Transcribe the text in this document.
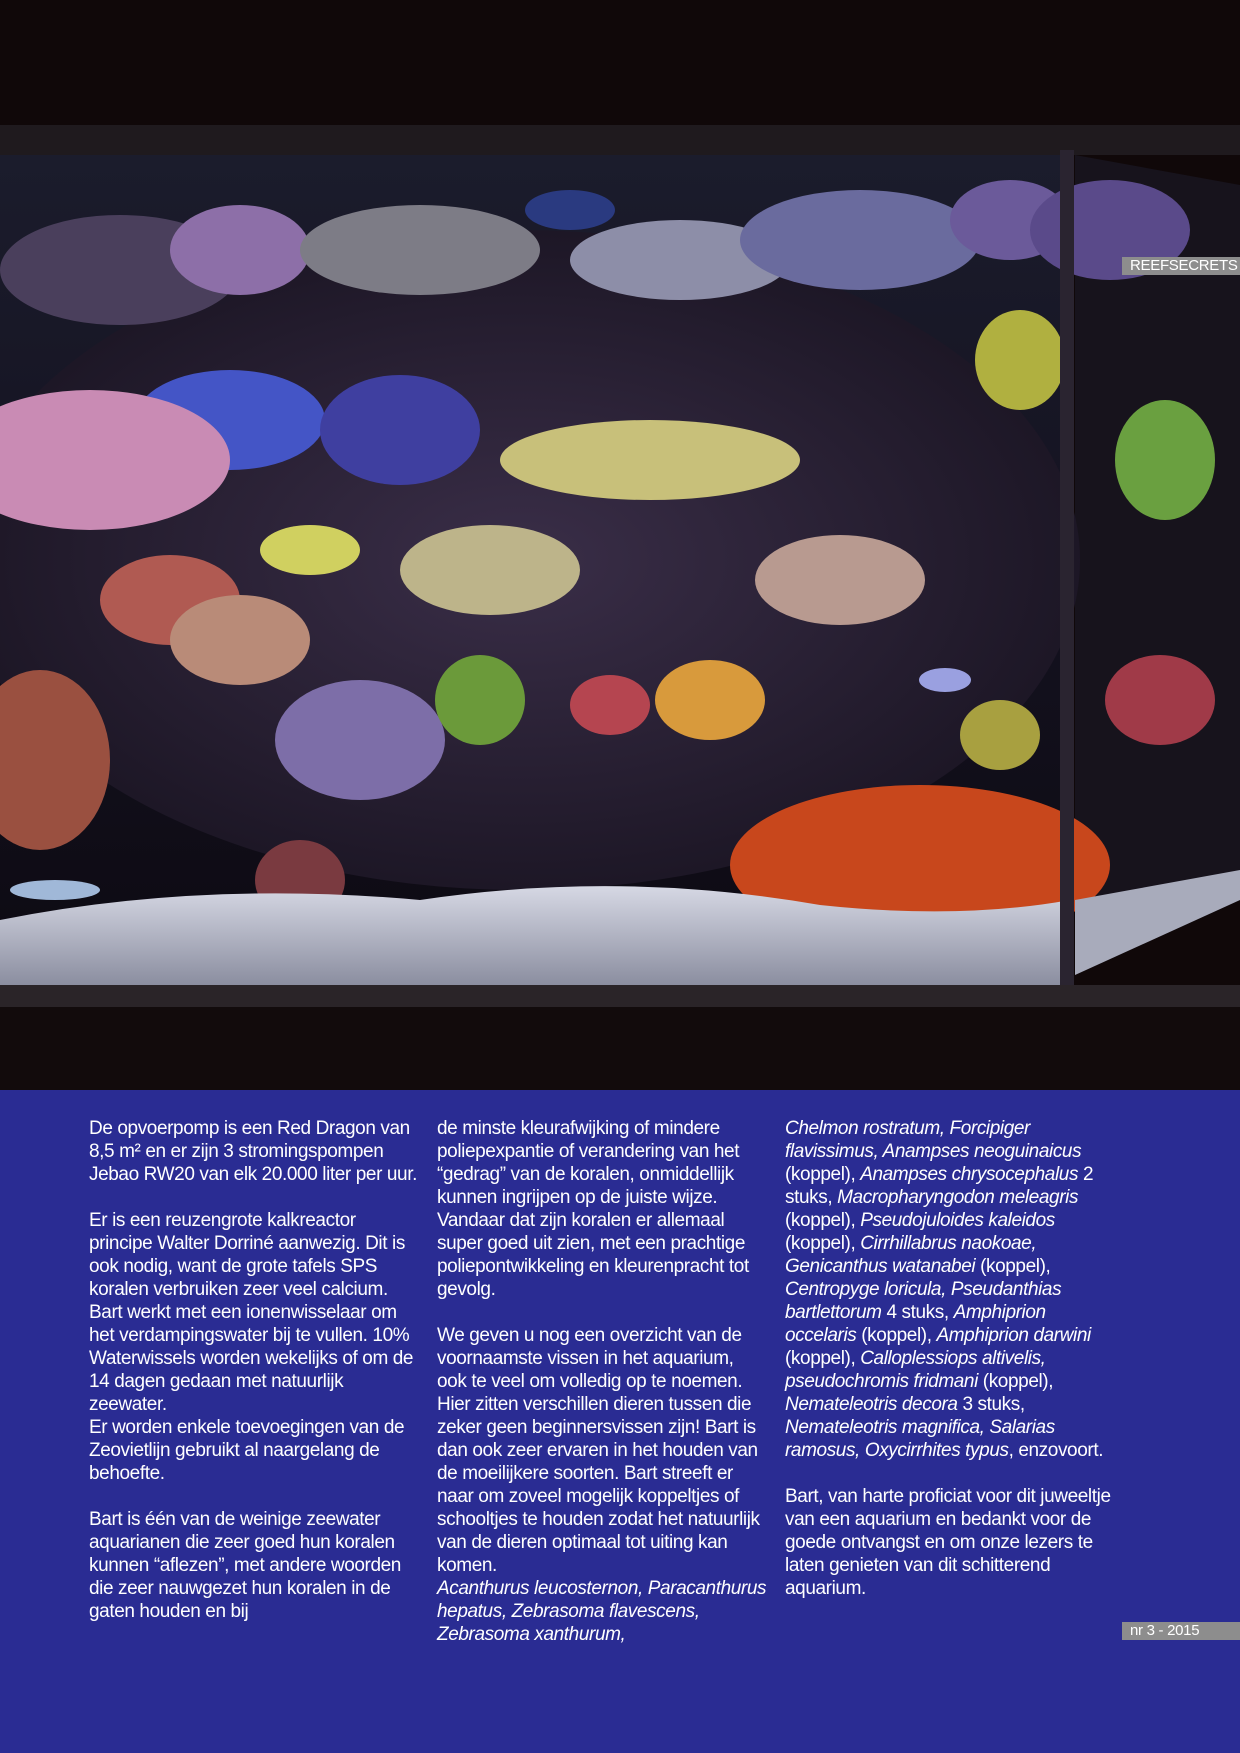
REEFSECRETS

De opvoerpomp is een Red Dragon van 8,5 m² en er zijn 3 stromingspompen Jebao RW20 van elk 20.000 liter per uur.

Er is een reuzengrote kalkreactor principe Walter Dorriné aanwezig. Dit is ook nodig, want de grote tafels SPS koralen verbruiken zeer veel calcium. Bart werkt met een ionenwisselaar om het verdampingswater bij te vullen. 10% Waterwissels worden wekelijks of om de 14 dagen gedaan met natuurlijk zeewater.

Er worden enkele toevoegingen van de Zeovietlijn gebruikt al naargelang de behoefte.

Bart is één van de weinige zeewater aquarianen die zeer goed hun koralen kunnen “aflezen”, met andere woorden die zeer nauwgezet hun koralen in de gaten houden en bij

de minste kleurafwijking of mindere poliepexpantie of verandering van het “gedrag” van de koralen, onmiddellijk kunnen ingrijpen op de juiste wijze. Vandaar dat zijn koralen er allemaal super goed uit zien, met een prachtige poliepontwikkeling en kleurenpracht tot gevolg.

We geven u nog een overzicht van de voornaamste vissen in het aquarium, ook te veel om volledig op te noemen. Hier zitten verschillen dieren tussen die zeker geen beginnersvissen zijn! Bart is dan ook zeer ervaren in het houden van de moeilijkere soorten. Bart streeft er naar om zoveel mogelijk koppeltjes of schooltjes te houden zodat het natuurlijk van de dieren optimaal tot uiting kan komen.

Acanthurus leucosternon, Paracanthurus hepatus, Zebrasoma flavescens, Zebrasoma xanthurum,

Chelmon rostratum, Forcipiger flavissimus, Anampses neoguinaicus (koppel), Anampses chrysocephalus 2 stuks, Macropharyngodon meleagris (koppel), Pseudojuloides kaleidos (koppel), Cirrhillabrus naokoae, Genicanthus watanabei (koppel), Centropyge loricula, Pseudanthias bartlettorum 4 stuks, Amphiprion occelaris (koppel), Amphiprion darwini (koppel), Calloplessiops altivelis, pseudochromis fridmani (koppel), Nemateleotris decora 3 stuks, Nemateleotris magnifica, Salarias ramosus, Oxycirrhites typus, enzovoort.

Bart, van harte proficiat voor dit juweeltje van een aquarium en bedankt voor de goede ontvangst en om onze lezers te laten genieten van dit schitterend aquarium.

nr 3 - 2015
